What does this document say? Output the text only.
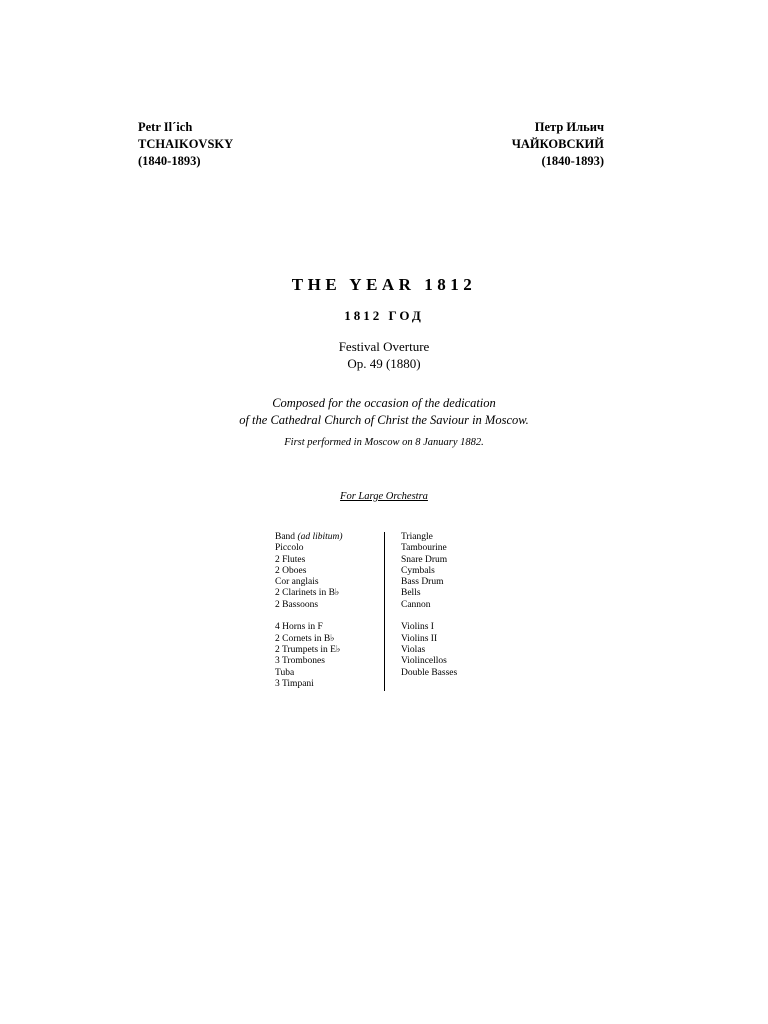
Petr Il´ich
TCHAIKOVSKY
(1840-1893)
Петр Ильич
ЧАЙКОВСКИЙ
(1840-1893)
THE YEAR 1812
1812 ГОД
Festival Overture
Op. 49 (1880)
Composed for the occasion of the dedication
of the Cathedral Church of Christ the Saviour in Moscow.
First performed in Moscow on 8 January 1882.
For Large Orchestra
Band (ad libitum)
Piccolo
2 Flutes
2 Oboes
Cor anglais
2 Clarinets in B♭
2 Bassoons
4 Horns in F
2 Cornets in B♭
2 Trumpets in E♭
3 Trombones
Tuba
3 Timpani
Triangle
Tambourine
Snare Drum
Cymbals
Bass Drum
Bells
Cannon
Violins I
Violins II
Violas
Violincellos
Double Basses
